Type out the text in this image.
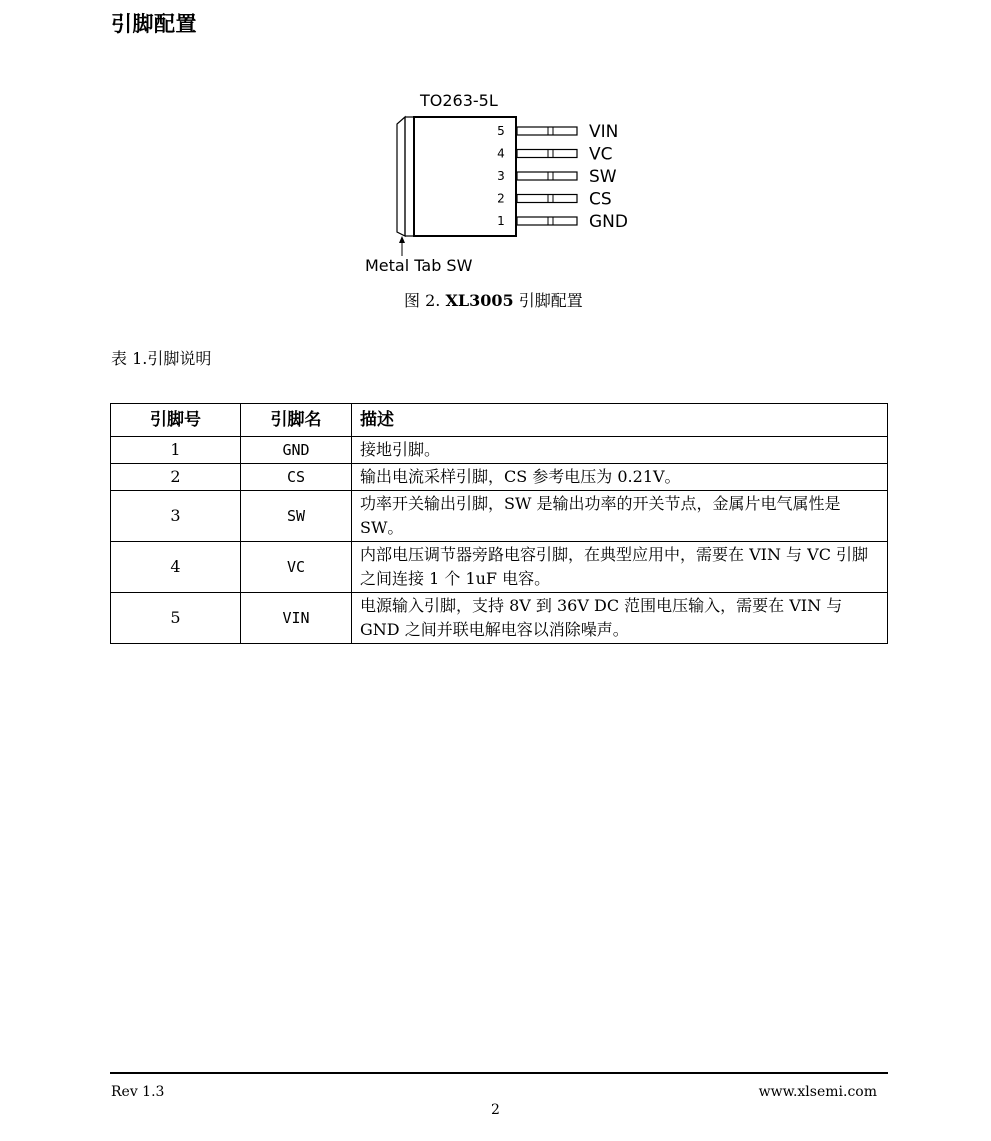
引脚配置
TO263-5L
5	VIN
4	VC
3	SW
2	CS
1	GND
Metal Tab SW
图 2. XL3005 引脚配置
表 1.引脚说明
引脚号	引脚名	描述
1	GND	接地引脚。
2	CS	输出电流采样引脚，CS 参考电压为 0.21V。
3	SW	功率开关输出引脚，SW 是输出功率的开关节点，金属片电气属性是 SW。
4	VC	内部电压调节器旁路电容引脚，在典型应用中，需要在 VIN 与 VC 引脚之间连接 1 个 1uF 电容。
5	VIN	电源输入引脚，支持 8V 到 36V DC 范围电压输入，需要在 VIN 与 GND 之间并联电解电容以消除噪声。
Rev 1.3	www.xlsemi.com
2
